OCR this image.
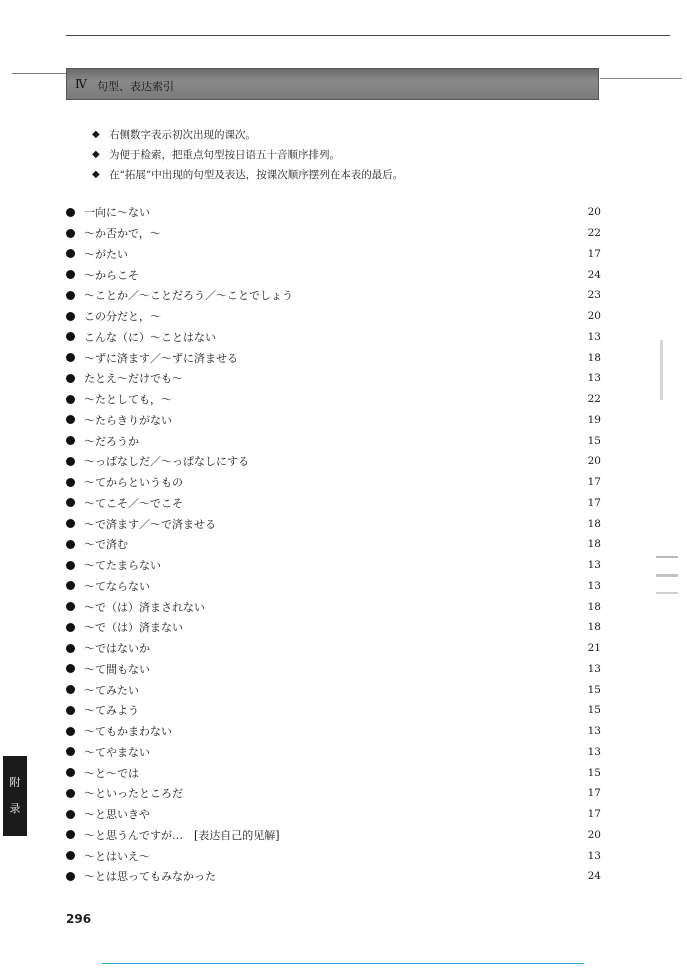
Ⅳ 句型、表达索引
◆ 右侧数字表示初次出现的课次。
◆ 为便于检索，把重点句型按日语五十音顺序排列。
◆ 在“拓展”中出现的句型及表达，按课次顺序摆列在本表的最后。
一向に～ない	20
～か否かで，～	22
～がたい	17
～からこそ	24
～ことか／～ことだろう／～ことでしょう	23
この分だと，～	20
こんな（に）～ことはない	13
～ずに済ます／～ずに済ませる	18
たとえ～だけでも～	13
～たとしても，～	22
～たらきりがない	19
～だろうか	15
～っぱなしだ／～っぱなしにする	20
～てからというもの	17
～てこそ／～でこそ	17
～で済ます／～で済ませる	18
～で済む	18
～てたまらない	13
～てならない	13
～で（は）済まされない	18
～で（は）済まない	18
～ではないか	21
～て間もない	13
～てみたい	15
～てみよう	15
～てもかまわない	13
～てやまない	13
～と～では	15
～といったところだ	17
～と思いきや	17
～と思うんですが…　[表达自己的见解]	20
～とはいえ～	13
～とは思ってもみなかった	24
附
录
296
